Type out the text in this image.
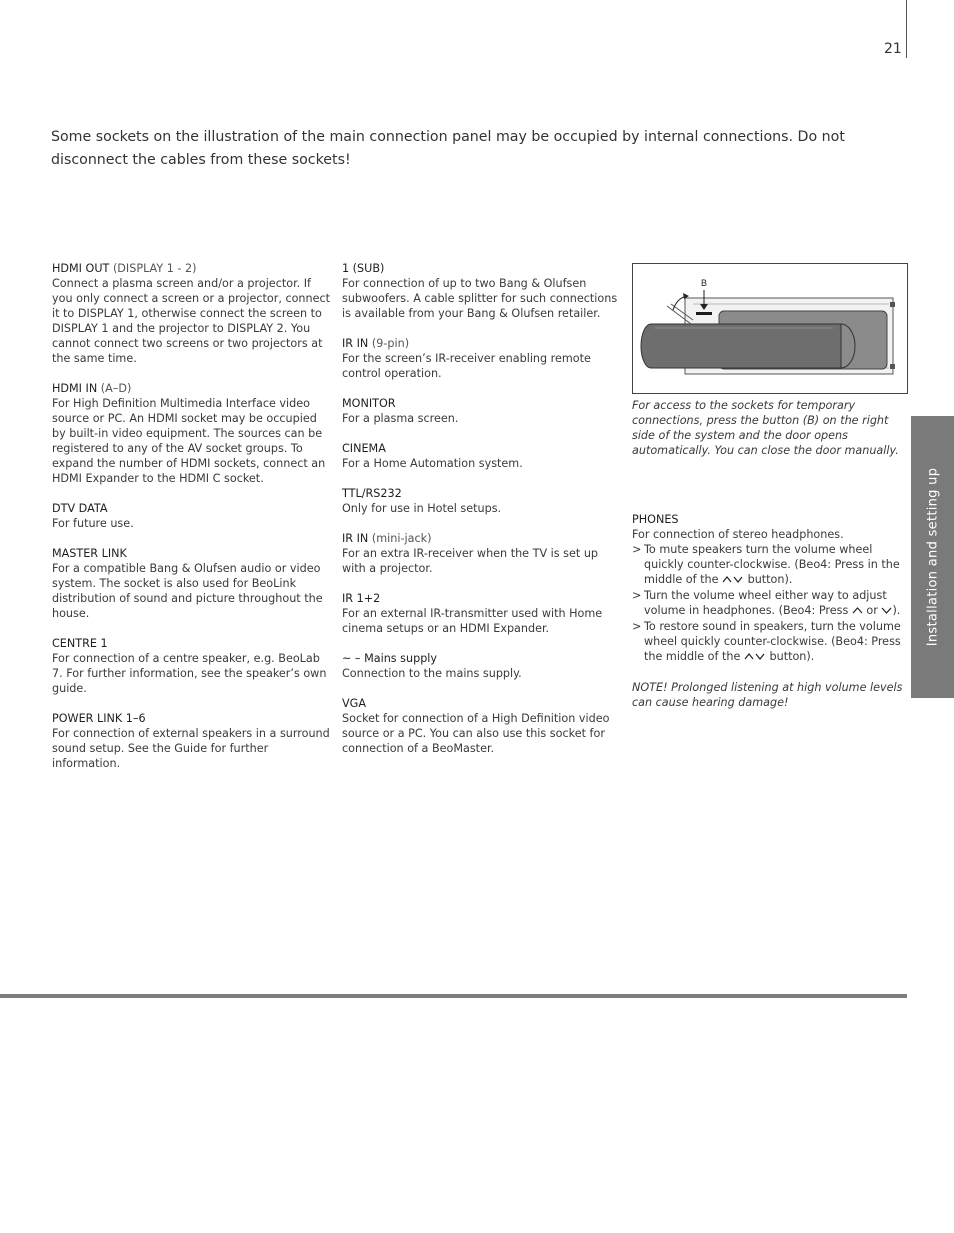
21

Some sockets on the illustration of the main connection panel may be occupied by internal connections. Do not disconnect the cables from these sockets!

HDMI OUT (DISPLAY 1 - 2)
Connect a plasma screen and/or a projector. If you only connect a screen or a projector, connect it to DISPLAY 1, otherwise connect the screen to DISPLAY 1 and the projector to DISPLAY 2. You cannot connect two screens or two projectors at the same time.
HDMI IN (A–D)
For High Definition Multimedia Interface video source or PC. An HDMI socket may be occupied by built-in video equipment. The sources can be registered to any of the AV socket groups. To expand the number of HDMI sockets, connect an HDMI Expander to the HDMI C socket.
DTV DATA
For future use.
MASTER LINK
For a compatible Bang & Olufsen audio or video system. The socket is also used for BeoLink distribution of sound and picture throughout the house.
CENTRE 1
For connection of a centre speaker, e.g. BeoLab 7. For further information, see the speaker’s own guide.
POWER LINK 1–6
For connection of external speakers in a surround sound setup. See the Guide for further information.
1 (SUB)
For connection of up to two Bang & Olufsen subwoofers. A cable splitter for such connections is available from your Bang & Olufsen retailer.
IR IN (9-pin)
For the screen’s IR-receiver enabling remote control operation.
MONITOR
For a plasma screen.
CINEMA
For a Home Automation system.
TTL/RS232
Only for use in Hotel setups.
IR IN (mini-jack)
For an extra IR-receiver when the TV is set up with a projector.
IR 1+2
For an external IR-transmitter used with Home cinema setups or an HDMI Expander.
~ – Mains supply
Connection to the mains supply.
VGA
Socket for connection of a High Definition video source or a PC. You can also use this socket for connection of a BeoMaster.
B
For access to the sockets for temporary connections, press the button (B) on the right side of the system and the door opens automatically. You can close the door manually.
PHONES
For connection of stereo headphones.
> To mute speakers turn the volume wheel quickly counter-clockwise. (Beo4: Press in the middle of the	button).
> Turn the volume wheel either way to adjust volume in headphones. (Beo4: Press or ).
> To restore sound in speakers, turn the volume wheel quickly counter-clockwise. (Beo4: Press the middle of the	button).
NOTE! Prolonged listening at high volume levels can cause hearing damage!
Installation and setting up
